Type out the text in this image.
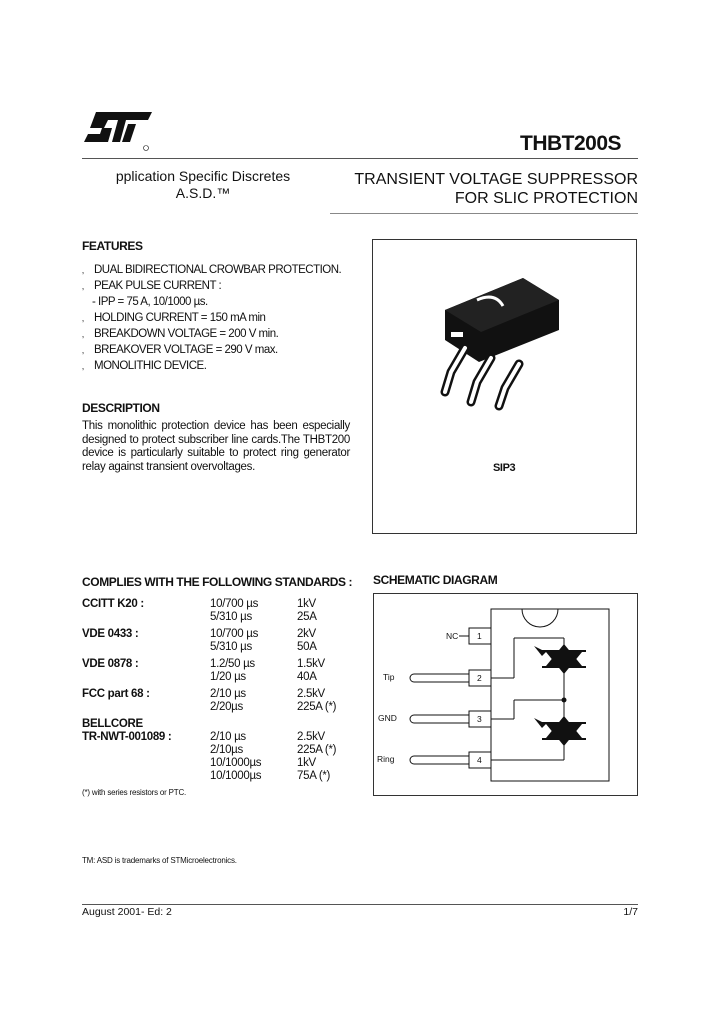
THBT200S
pplication Specific Discretes
A.S.D.™
TRANSIENT VOLTAGE SUPPRESSOR
FOR SLIC PROTECTION
FEATURES
‚ DUAL BIDIRECTIONAL CROWBAR PROTECTION.
‚ PEAK PULSE CURRENT :
- IPP = 75 A, 10/1000 µs.
‚ HOLDING CURRENT = 150 mA min
‚ BREAKDOWN VOLTAGE = 200 V min.
‚ BREAKOVER VOLTAGE = 290 V max.
‚ MONOLITHIC DEVICE.
DESCRIPTION
This monolithic protection device has been especially designed to protect subscriber line cards.The THBT200 device is particularly suitable to protect ring generator relay against transient overvoltages.	SIP3
COMPLIES WITH THE FOLLOWING STANDARDS :
CCITT K20 :	10/700 µs	1kV
5/310 µs	25A
VDE 0433 :	10/700 µs	2kV
5/310 µs	50A
VDE 0878 :	1.2/50 µs	1.5kV
1/20 µs	40A
FCC part 68 :	2/10 µs	2.5kV
2/20µs	225A (*)
BELLCORE
TR-NWT-001089 :	2/10 µs	2.5kV
2/10µs	225A (*)
10/1000µs	1kV
10/1000µs	75A (*)
(*) with series resistors or PTC.
SCHEMATIC DIAGRAM
NC 1
Tip	2
GND	3
Ring	4
TM: ASD is trademarks of STMicroelectronics.
August 2001- Ed: 2	1/7
